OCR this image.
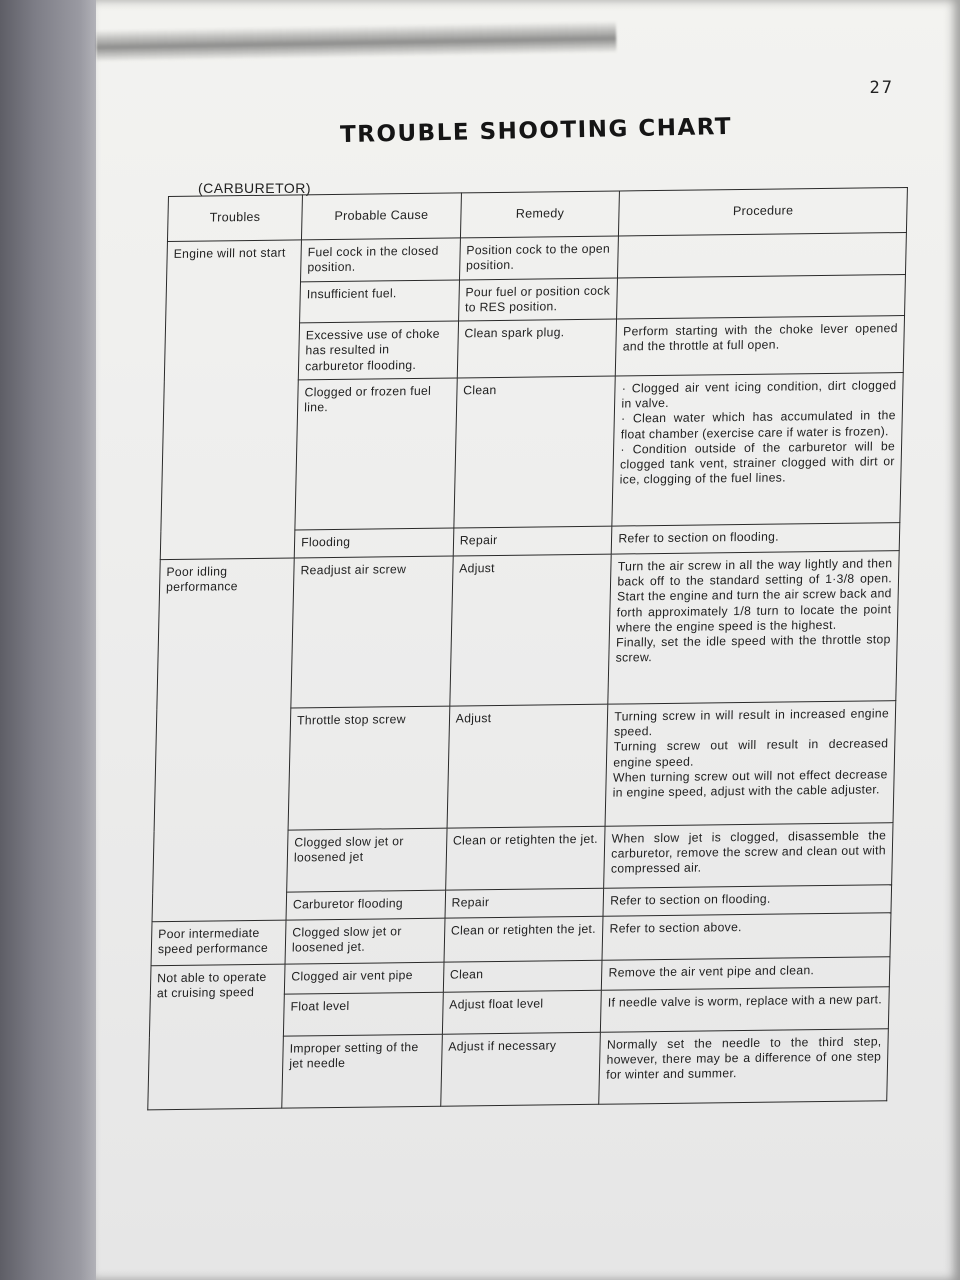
27
TROUBLE SHOOTING CHART
(CARBURETOR)
Troubles	Probable Cause	Remedy	Procedure
Engine will not start	Fuel cock in the closed position.	Position cock to the open position.	
	Insufficient fuel.	Pour fuel or position cock to RES position.	
	Excessive use of choke has resulted in carburetor flooding.	Clean spark plug.	Perform starting with the choke lever opened and the throttle at full open.
	Clogged or frozen fuel line.	Clean	· Clogged air vent icing condition, dirt clogged in valve.
· Clean water which has accumulated in the float chamber (exercise care if water is frozen).
· Condition outside of the carburetor will be clogged tank vent, strainer clogged with dirt or ice, clogging of the fuel lines.

	Flooding	Repair	Refer to section on flooding.
Poor idling performance	Readjust air screw	Adjust	Turn the air screw in all the way lightly and then back off to the standard setting of 1·3/8 open. Start the engine and turn the air screw back and forth approximately 1/8 turn to locate the point where the engine speed is the highest.
Finally, set the idle speed with the throttle stop screw.

	Throttle stop screw	Adjust	Turning screw in will result in increased engine speed.
Turning screw out will result in decreased engine speed.
When turning screw out will not effect decrease in engine speed, adjust with the cable adjuster.

	Clogged slow jet or loosened jet	Clean or retighten the jet.	When slow jet is clogged, disassemble the carburetor, remove the screw and clean out with compressed air.
	Carburetor flooding	Repair	Refer to section on flooding.
Poor intermediate speed performance	Clogged slow jet or loosened jet.	Clean or retighten the jet.	Refer to section above.
Not able to operate at cruising speed	Clogged air vent pipe	Clean	Remove the air vent pipe and clean.
	Float level	Adjust float level	If needle valve is worm, replace with a new part.
	Improper setting of the jet needle	Adjust if necessary	Normally set the needle to the third step, however, there may be a difference of one step for winter and summer.
